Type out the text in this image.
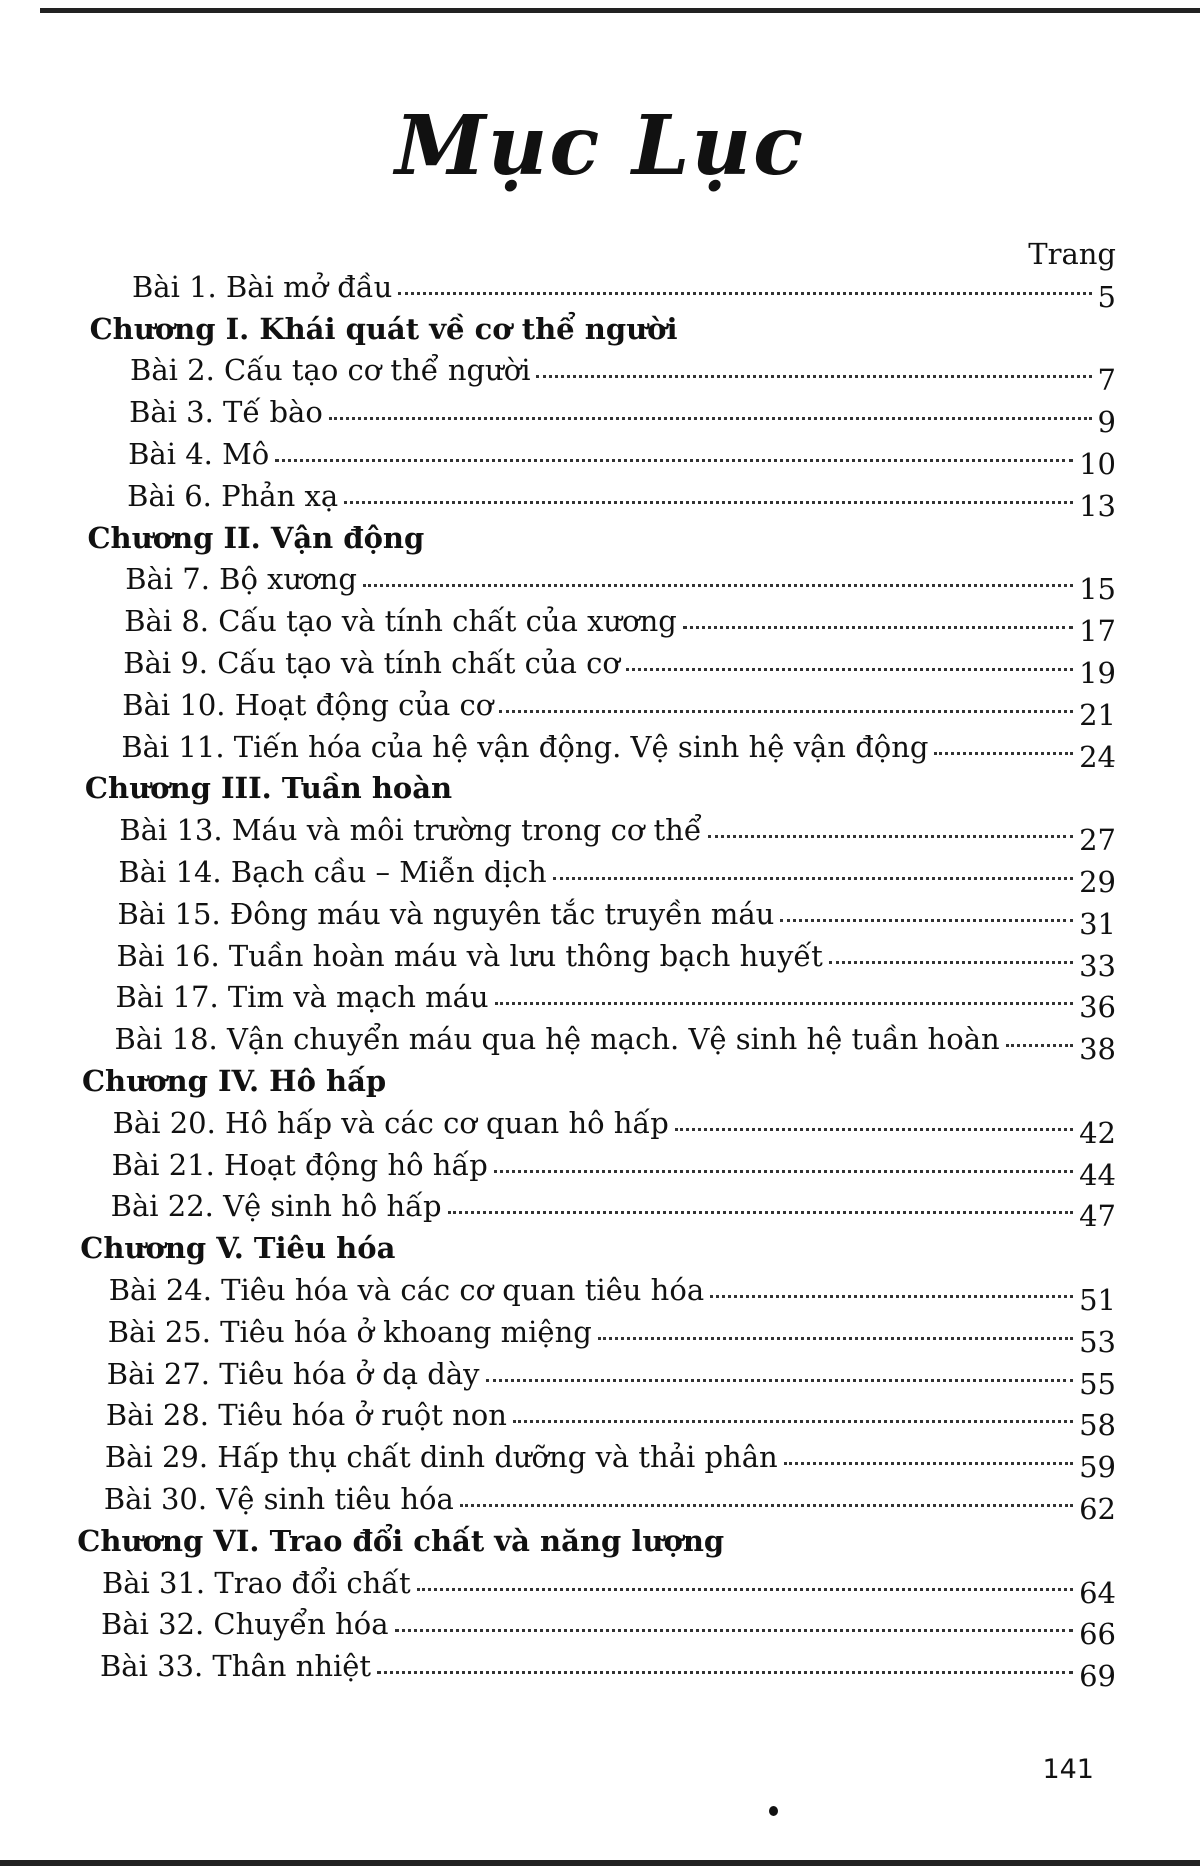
Mục Lục
Trang
Bài 1. Bài mở đầu	5
Chương I. Khái quát về cơ thể người
Bài 2. Cấu tạo cơ thể người	7
Bài 3. Tế bào	9
Bài 4. Mô	10
Bài 6. Phản xạ	13
Chương II. Vận động
Bài 7. Bộ xương	15
Bài 8. Cấu tạo và tính chất của xương	17
Bài 9. Cấu tạo và tính chất của cơ	19
Bài 10. Hoạt động của cơ	21
Bài 11. Tiến hóa của hệ vận động. Vệ sinh hệ vận động	24
Chương III. Tuần hoàn
Bài 13. Máu và môi trường trong cơ thể	27
Bài 14. Bạch cầu – Miễn dịch	29
Bài 15. Đông máu và nguyên tắc truyền máu	31
Bài 16. Tuần hoàn máu và lưu thông bạch huyết	33
Bài 17. Tim và mạch máu	36
Bài 18. Vận chuyển máu qua hệ mạch. Vệ sinh hệ tuần hoàn	38
Chương IV. Hô hấp
Bài 20. Hô hấp và các cơ quan hô hấp	42
Bài 21. Hoạt động hô hấp	44
Bài 22. Vệ sinh hô hấp	47
Chương V. Tiêu hóa
Bài 24. Tiêu hóa và các cơ quan tiêu hóa	51
Bài 25. Tiêu hóa ở khoang miệng	53
Bài 27. Tiêu hóa ở dạ dày	55
Bài 28. Tiêu hóa ở ruột non	58
Bài 29. Hấp thụ chất dinh dưỡng và thải phân	59
Bài 30. Vệ sinh tiêu hóa	62
Chương VI. Trao đổi chất và năng lượng
Bài 31. Trao đổi chất	64
Bài 32. Chuyển hóa	66
Bài 33. Thân nhiệt	69
141
